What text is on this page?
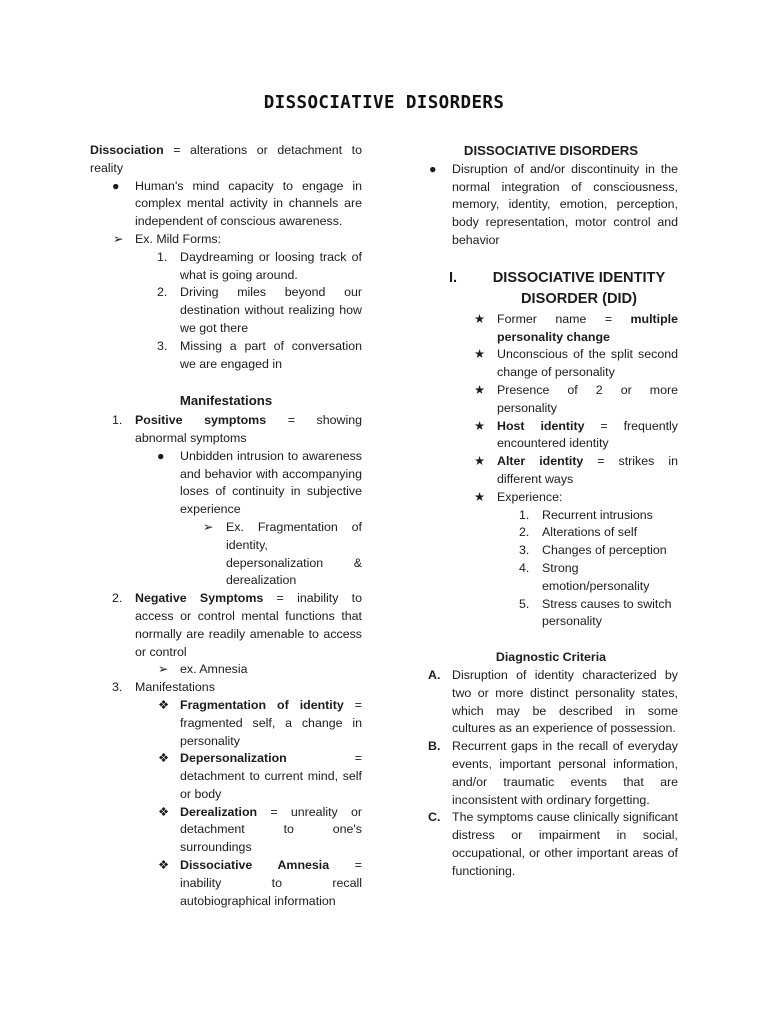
DISSOCIATIVE DISORDERS

Dissociation = alterations or detachment to reality

● Human's mind capacity to engage in complex mental activity in channels are independent of conscious awareness.

➢ Ex. Mild Forms:

1. Daydreaming or loosing track of what is going around.

2. Driving miles beyond our destination without realizing how we got there

3. Missing a part of conversation we are engaged in

Manifestations

1. Positive symptoms = showing abnormal symptoms

● Unbidden intrusion to awareness and behavior with accompanying loses of continuity in subjective experience

➢ Ex. Fragmentation of identity, depersonalization & derealization

2. Negative Symptoms = inability to access or control mental functions that normally are readily amenable to access or control

➢ ex. Amnesia

3. Manifestations

❖ Fragmentation of identity = fragmented self, a change in personality

❖ Depersonalization = detachment to current mind, self or body

❖ Derealization = unreality or detachment to one's surroundings

❖ Dissociative Amnesia = inability to recall autobiographical information

DISSOCIATIVE DISORDERS

● Disruption of and/or discontinuity in the normal integration of consciousness, memory, identity, emotion, perception, body representation, motor control and behavior

I.	DISSOCIATIVE IDENTITY
DISORDER (DID)

★ Former name = multiple personality change

★ Unconscious of the split second change of personality

★ Presence of 2 or more personality

★ Host identity = frequently encountered identity

★ Alter identity = strikes in different ways

★ Experience:

1. Recurrent intrusions

2. Alterations of self

3. Changes of perception

4. Strong emotion/personality

5. Stress causes to switch personality

Diagnostic Criteria

A. Disruption of identity characterized by two or more distinct personality states, which may be described in some cultures as an experience of possession.

B. Recurrent gaps in the recall of everyday events, important personal information, and/or traumatic events that are inconsistent with ordinary forgetting.

C. The symptoms cause clinically significant distress or impairment in social, occupational, or other important areas of functioning.
